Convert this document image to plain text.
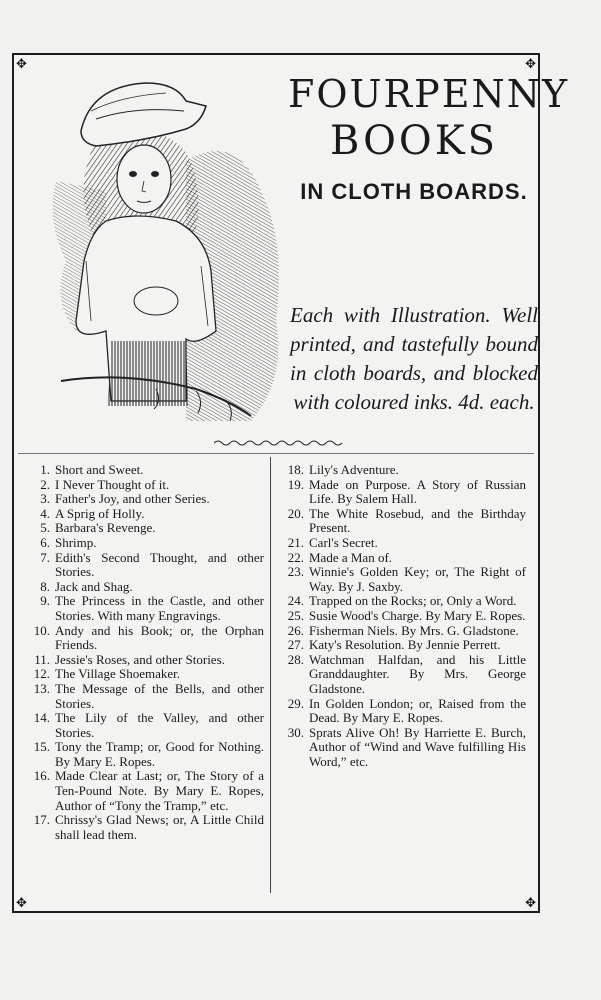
✥	✥
✥	✥
FOURPENNY
BOOKS
IN CLOTH BOARDS.
Each with Illustration. Well printed, and tastefully bound in cloth boards, and blocked with coloured inks. 4d. each.
1. Short and Sweet.
2. I Never Thought of it.
3. Father's Joy, and other Series.
4. A Sprig of Holly.
5. Barbara's Revenge.
6. Shrimp.
7. Edith's Second Thought, and other Stories.
8. Jack and Shag.
9. The Princess in the Castle, and other Stories. With many Engravings.
10. Andy and his Book; or, the Orphan Friends.
11. Jessie's Roses, and other Stories.
12. The Village Shoemaker.
13. The Message of the Bells, and other Stories.
14. The Lily of the Valley, and other Stories.
15. Tony the Tramp; or, Good for Nothing. By Mary E. Ropes.
16. Made Clear at Last; or, The Story of a Ten-Pound Note. By Mary E. Ropes, Author of “Tony the Tramp,” etc.
17. Chrissy's Glad News; or, A Little Child shall lead them.
18. Lily's Adventure.
19. Made on Purpose. A Story of Russian Life. By Salem Hall.
20. The White Rosebud, and the Birthday Present.
21. Carl's Secret.
22. Made a Man of.
23. Winnie's Golden Key; or, The Right of Way. By J. Saxby.
24. Trapped on the Rocks; or, Only a Word.
25. Susie Wood's Charge. By Mary E. Ropes.
26. Fisherman Niels. By Mrs. G. Gladstone.
27. Katy's Resolution. By Jennie Perrett.
28. Watchman Halfdan, and his Little Granddaughter. By Mrs. George Gladstone.
29. In Golden London; or, Raised from the Dead. By Mary E. Ropes.
30. Sprats Alive Oh! By Harriette E. Burch, Author of “Wind and Wave fulfilling His Word,” etc.
